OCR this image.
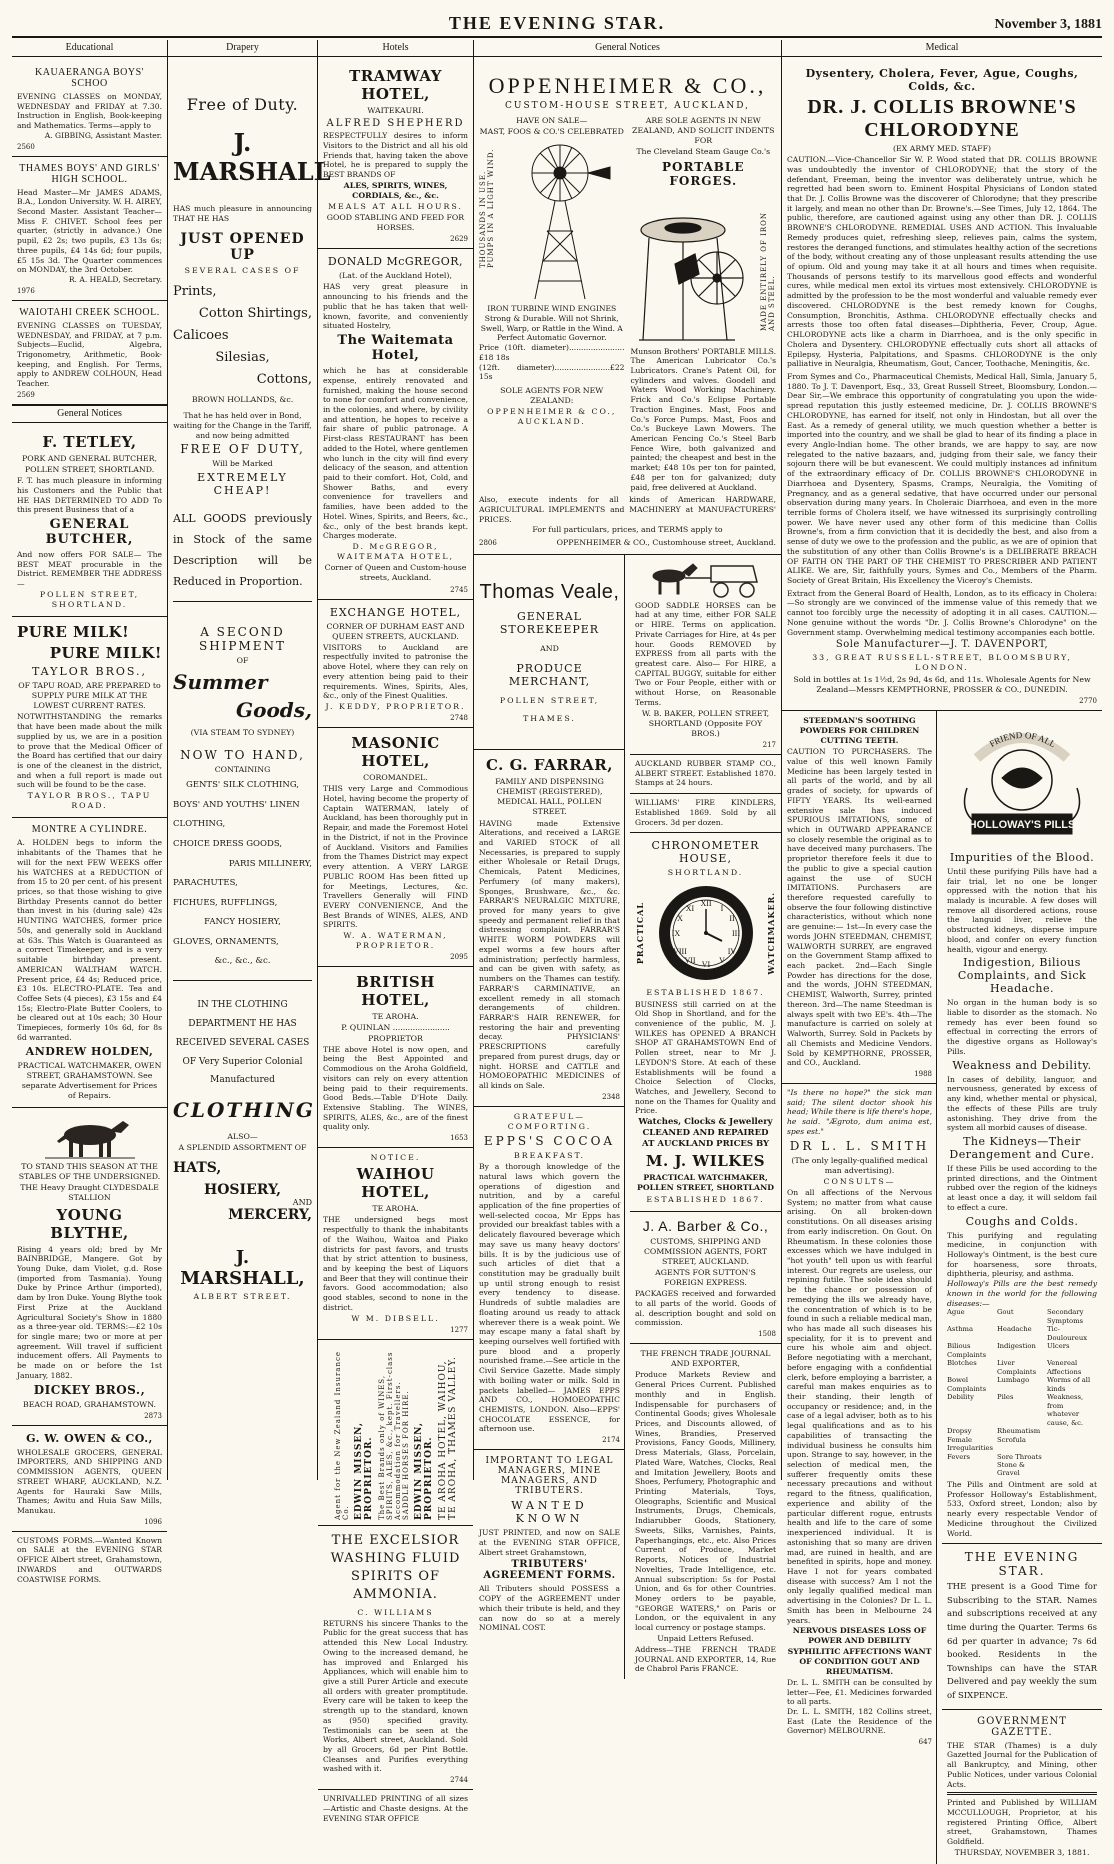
THE EVENING STAR.	November 3, 1881
Educational
KAUAERANGA BOYS' SCHOO

EVENING CLASSES on MONDAY, WEDNESDAY and FRIDAY at 7.30. Instruction in English, Book-keeping and Mathematics. Terms—apply to

A. GIBBING, Assistant Master.

2560
THAMES BOYS' AND GIRLS' HIGH SCHOOL.

Head Master—Mr JAMES ADAMS, B.A., London University. W. H. AIREY, Second Master. Assistant Teacher—Miss F. CHIVET. School fees per quarter, (strictly in advance.) One pupil, £2 2s; two pupils, £3 13s 6s; three pupils, £4 14s 6d; four pupils, £5 15s 3d. The Quarter commences on MONDAY, the 3rd October.

R. A. HEALD, Secretary.

1976
WAIOTAHI CREEK SCHOOL.

EVENING CLASSES on TUESDAY, WEDNESDAY, and FRIDAY, at 7 p.m. Subjects—Euclid, Algebra, Trigonometry, Arithmetic, Book-keeping, and English. For Terms, apply to ANDREW COLHOUN, Head Teacher.

2569
General Notices
F. TETLEY,
PORK AND GENERAL BUTCHER,
POLLEN STREET, SHORTLAND.

F. T. has much pleasure in informing his Customers and the Public that HE HAS DETERMINED TO ADD To this present Business that of a

GENERAL BUTCHER,

And now offers FOR SALE— The BEST MEAT procurable in the District. REMEMBER THE ADDRESS—

POLLEN STREET, SHORTLAND.
PURE MILK!
PURE MILK!
TAYLOR BROS.,
OF TAPU ROAD, ARE PREPARED to SUPPLY PURE MILK AT THE LOWEST CURRENT RATES.

NOTWITHSTANDING the remarks that have been made about the milk supplied by us, we are in a position to prove that the Medical Officer of the Board has certified that our dairy is one of the cleanest in the district, and when a full report is made out such will be found to be the case.

TAYLOR BROS., TAPU ROAD.
MONTRE A CYLINDRE.

A. HOLDEN begs to inform the inhabitants of the Thames that he will for the next FEW WEEKS offer his WATCHES at a REDUCTION of from 15 to 20 per cent. of his present prices, so that those wishing to give Birthday Presents cannot do better than invest in his (during sale) 42s HUNTING WATCHES, former price 50s, and generally sold in Auckland at 63s. This Watch is Guaranteed as a correct Timekeeper, and is a very suitable birthday present. AMERICAN WALTHAM WATCH. Present price, £4 4s; Reduced price, £3 10s. ELECTRO-PLATE. Tea and Coffee Sets (4 pieces), £3 15s and £4 15s; Electro-Plate Butter Coolers, to be cleared out at 10s each; 30 Hour Timepieces, formerly 10s 6d, for 8s 6d warranted.

ANDREW HOLDEN,
PRACTICAL WATCHMAKER, OWEN STREET, GRAHAMSTOWN. See separate Advertisement for Prices of Repairs.
TO STAND THIS SEASON AT THE STABLES OF THE UNDERSIGNED.
THE Heavy Draught CLYDESDALE STALLION
YOUNG BLYTHE,

Rising 4 years old; bred by Mr BAINBRIDGE, Mangere. Got by Young Duke, dam Violet, g.d. Rose (imported from Tasmania). Young Duke by Prince Arthur (imported), dam by Iron Duke. Young Blythe took First Prize at the Auckland Agricultural Society's Show in 1880 as a three-year old. TERMS:—£2 10s for single mare; two or more at per agreement. Will travel if sufficient inducement offers. All Payments to be made on or before the 1st January, 1882.

DICKEY BROS.,
BEACH ROAD, GRAHAMSTOWN.
2873
G. W. OWEN & CO.,

WHOLESALE GROCERS, GENERAL IMPORTERS, AND SHIPPING AND COMMISSION AGENTS, QUEEN STREET WHARF, AUCKLAND, N.Z. Agents for Hauraki Saw Mills, Thames; Awitu and Huia Saw Mills, Manukau.

1096

CUSTOMS FORMS.—Wanted Known on SALE at the EVENING STAR OFFICE Albert street, Grahamstown, INWARDS and OUTWARDS COASTWISE FORMS.

Drapery
Free of Duty.
J. MARSHALL

HAS much pleasure in announcing THAT HE HAS

JUST OPENED UP
SEVERAL CASES OF
Prints,
Cotton Shirtings,
Calicoes
Silesias,
Cottons,
BROWN HOLLANDS, &c.

That he has held over in Bond, waiting for the Change in the Tariff, and now being admitted

FREE OF DUTY,
Will be Marked
EXTREMELY CHEAP!

ALL GOODS previously in Stock of the same Description will be Reduced in Proportion.

A SECOND SHIPMENT
OF
Summer
Goods,
(VIA STEAM TO SYDNEY)
NOW TO HAND,
CONTAINING
GENTS' SILK CLOTHING,
BOYS' AND YOUTHS' LINEN CLOTHING,
CHOICE DRESS GOODS,
PARIS MILLINERY,
PARACHUTES,
FICHUES, RUFFLINGS,
FANCY HOSIERY,
GLOVES, ORNAMENTS,
&c., &c., &c.

IN THE CLOTHING DEPARTMENT HE HAS RECEIVED SEVERAL CASES OF Very Superior Colonial Manufactured

CLOTHING
ALSO—
A SPLENDID ASSORTMENT OF
HATS,
HOSIERY,
AND
MERCERY,
J. MARSHALL,
ALBERT STREET.
Hotels
TRAMWAY HOTEL,
WAITEKAURI.
ALFRED SHEPHERD

RESPECTFULLY desires to inform Visitors to the District and all his old Friends that, having taken the above Hotel, he is prepared to supply the BEST BRANDS OF

ALES, SPIRITS, WINES, CORDIALS, &c., &c.
MEALS AT ALL HOURS.
GOOD STABLING AND FEED FOR HORSES.
2629
DONALD McGREGOR,
(Lat. of the Auckland Hotel),

HAS very great pleasure in announcing to his friends and the public that he has taken that well-known, favorite, and conveniently situated Hostelry,

The Waitemata Hotel,

which he has at considerable expense, entirely renovated and furnished, making the house second to none for comfort and convenience, in the colonies, and where, by civility and attention, he hopes to receive a fair share of public patronage. A First-class RESTAURANT has been added to the Hotel, where gentlemen who lunch in the city will find every delicacy of the season, and attention paid to their comfort. Hot, Cold, and Shower Baths, and every convenience for travellers and families, have been added to the Hotel. Wines, Spirits, and Beers, &c., &c., only of the best brands kept. Charges moderate.

D. McGREGOR, WAITEMATA HOTEL,
Corner of Queen and Custom-house streets, Auckland.
2745
EXCHANGE HOTEL,
CORNER OF DURHAM EAST AND QUEEN STREETS, AUCKLAND.

VISITORS to Auckland are respectfully invited to patronise the above Hotel, where they can rely on every attention being paid to their requirements. Wines, Spirits, Ales, &c., only of the Finest Qualities.

J. KEDDY, PROPRIETOR.
2748
MASONIC HOTEL,
COROMANDEL.

THIS very Large and Commodious Hotel, having become the property of Captain WATERMAN, lately of Auckland, has been thoroughly put in Repair, and made the Foremost Hotel in the District, if not in the Province of Auckland. Visitors and Families from the Thames District may expect every attention. A VERY LARGE PUBLIC ROOM Has been fitted up for Meetings, Lectures, &c. Travellers Generally will FIND EVERY CONVENIENCE, And the Best Brands of WINES, ALES, AND SPIRITS.

W. A. WATERMAN, PROPRIETOR.
2095
BRITISH HOTEL,
TE AROHA.
P. QUINLAN ....................... PROPRIETOR

THE above Hotel is now open, and being the Best Appointed and Commodious on the Aroha Goldfield, visitors can rely on every attention being paid to their requirements. Good Beds.—Table D'Hote Daily. Extensive Stabling. The WINES, SPIRITS, ALES, &c., are of the finest quality only.

1653
NOTICE.
WAIHOU HOTEL,
TE AROHA.

THE undersigned begs most respectfully to thank the inhabitants of the Waihou, Waitoa and Piako districts for past favors, and trusts that by strict attention to business, and by keeping the best of Liquors and Beer that they will continue their favors. Good accommodation; also good stables, second to none in the district.

W M. DIBSELL.
1277
Agent for the New Zealand Insurance Co. EDWIN MISSEN, PROPRIETOR. The Best Brands only of WINES, SPIRITS, ALES, &c., kept. First-class Accommodation for Travellers. SADDLE HORSES FOR HIRE. EDWIN MISSEN, PROPRIETOR. TE AROHA HOTEL, WAIHOU, TE AROHA, THAMES VALLEY.
THE EXCELSIOR WASHING FLUID SPIRITS OF AMMONIA.
C. WILLIAMS

RETURNS his sincere Thanks to the Public for the great success that has attended this New Local Industry. Owing to the increased demand, he has improved and Enlarged his Appliances, which will enable him to give a still Purer Article and execute all orders with greater promptitude. Every care will be taken to keep the strength up to the standard, known as (950) specified gravity. Testimonials can be seen at the Works, Albert street, Auckland. Sold by all Grocers, 6d per Pint Bottle. Cleanses and Purifies everything washed with it.

2744

UNRIVALLED PRINTING of all sizes —Artistic and Chaste designs. At the EVENING STAR OFFICE

General Notices
OPPENHEIMER & CO.,
CUSTOM-HOUSE STREET, AUCKLAND,
HAVE ON SALE—
MAST, FOOS & CO.'S CELEBRATED
THOUSANDS IN USE. PUMPS IN A LIGHT WIND.

IRON TURBINE WIND ENGINES Strong & Durable. Will not Shrink, Swell, Warp, or Rattle in the Wind. A Perfect Automatic Governor.

Price (10ft. diameter).......................£18 18s
(12ft. diameter).......................£22 15s
SOLE AGENTS FOR NEW ZEALAND:
OPPENHEIMER & CO., AUCKLAND.
ARE SOLE AGENTS IN NEW ZEALAND, AND SOLICIT INDENTS FOR
The Cleveland Steam Gauge Co.'s
PORTABLE FORGES.
MADE ENTIRELY OF IRON AND STEEL.

Munson Brothers' PORTABLE MILLS. The American Lubricator Co.'s Lubricators. Crane's Patent Oil, for cylinders and valves. Goodell and Waters Wood Working Machinery. Frick and Co.'s Eclipse Portable Traction Engines. Mast, Foos and Co.'s Force Pumps. Mast, Foos and Co.'s Buckeye Lawn Mowers. The American Fencing Co.'s Steel Barb Fence Wire, both galvanized and painted; the cheapest and best in the market; £48 10s per ton for painted, £48 per ton for galvanized; duty paid, free delivered at Auckland.

Also, execute indents for all kinds of American HARDWARE, AGRICULTURAL IMPLEMENTS and MACHINERY at MANUFACTURERS' PRICES.

For full particulars, prices, and TERMS apply to
2806	OPPENHEIMER & CO., Customhouse street, Auckland.
Thomas Veale,
GENERAL STOREKEEPER
AND
PRODUCE MERCHANT,
POLLEN STREET,
THAMES.
C. G. FARRAR,
FAMILY AND DISPENSING CHEMIST (REGISTERED), MEDICAL HALL, POLLEN STREET.

HAVING made Extensive Alterations, and received a LARGE and VARIED STOCK of all Necessaries, is prepared to supply either Wholesale or Retail Drugs, Chemicals, Patent Medicines, Perfumery (of many makers), Sponges, Brushware, &c., &c. FARRAR'S NEURALGIC MIXTURE, proved for many years to give speedy and permanent relief in that distressing complaint. FARRAR'S WHITE WORM POWDERS will expel worms a few hours after administration; perfectly harmless, and can be given with safety, as numbers on the Thames can testify. FARRAR'S CARMINATIVE, an excellent remedy in all stomach derangements of children. FARRAR'S HAIR RENEWER, for restoring the hair and preventing decay. PHYSICIANS' PRESCRIPTIONS carefully prepared from purest drugs, day or night. HORSE and CATTLE and HOMOEOPATHIC MEDICINES of all kinds on Sale.

2348
GRATEFUL—COMFORTING.
EPPS'S COCOA
BREAKFAST.

By a thorough knowledge of the natural laws which govern the operations of digestion and nutrition, and by a careful application of the fine properties of well-selected cocoa, Mr Epps has provided our breakfast tables with a delicately flavoured beverage which may save us many heavy doctors' bills. It is by the judicious use of such articles of diet that a constitution may be gradually built up until strong enough to resist every tendency to disease. Hundreds of subtle maladies are floating around us ready to attack wherever there is a weak point. We may escape many a fatal shaft by keeping ourselves well fortified with pure blood and a properly nourished frame.—See article in the Civil Service Gazette. Made simply with boiling water or milk. Sold in packets labelled— JAMES EPPS AND CO., HOMOEOPATHIC CHEMISTS, LONDON. Also—EPPS' CHOCOLATE ESSENCE, for afternoon use.

2174
IMPORTANT TO LEGAL MANAGERS, MINE MANAGERS, AND TRIBUTERS.
WANTED KNOWN

JUST PRINTED, and now on SALE at the EVENING STAR OFFICE, Albert street Grahamstown,

TRIBUTERS' AGREEMENT FORMS.

All Tributers should POSSESS a COPY of the AGREEMENT under which their tribute is held, and they can now do so at a merely NOMINAL COST.

GOOD SADDLE HORSES can be had at any time, either FOR SALE or HIRE. Terms on application. Private Carriages for Hire, at 4s per hour. Goods REMOVED by EXPRESS from all parts with the greatest care. Also— For HIRE, a CAPITAL BUGGY, suitable for either Two or Four People, either with or without Horse, on Reasonable Terms.

W. B. BAKER, POLLEN STREET, SHORTLAND (Opposite FOY BROS.)
217

AUCKLAND RUBBER STAMP CO., ALBERT STREET. Established 1870. Stamps at 24 hours.

WILLIAMS' FIRE KINDLERS, Established 1869. Sold by all Grocers. 3d per dozen.

CHRONOMETER HOUSE,
SHORTLAND.
PRACTICAL	XII
VI
IX	III
I
II
IV
V
VII
VIII
X
XI	WATCHMAKER.
ESTABLISHED 1867.

BUSINESS still carried on at the Old Shop in Shortland, and for the convenience of the public, M. J. WILKES has OPENED A BRANCH SHOP AT GRAHAMSTOWN End of Pollen street, near to Mr J. LEYDON'S Store. At each of these Establishments will be found a Choice Selection of Clocks, Watches, and Jewellery, Second to none on the Thames for Quality and Price.

Watches, Clocks & Jewellery CLEANED AND REPAIRED AT AUCKLAND PRICES BY
M. J. WILKES
PRACTICAL WATCHMAKER, POLLEN STREET, SHORTLAND
ESTABLISHED 1867.
J. A. Barber & Co.,
CUSTOMS, SHIPPING AND COMMISSION AGENTS, FORT STREET, AUCKLAND.
AGENTS FOR SUTTON'S FOREIGN EXPRESS.

PACKAGES received and forwarded to all parts of the world. Goods of al. description bought and sold on commission.

1508
THE FRENCH TRADE JOURNAL AND EXPORTER,

Produce Markets Review and General Prices Current. Published monthly and in English. Indispensable for purchasers of Continental Goods; gives Wholesale Prices, and Discounts allowed, of Wines, Brandies, Preserved Provisions, Fancy Goods, Millinery, Dress Materials, Glass, Porcelain, Plated Ware, Watches, Clocks, Real and Imitation Jewellery, Boots and Shoes, Perfumery, Photographic and Printing Materials, Toys, Oleographs, Scientific and Musical Instruments, Drugs, Chemicals, Indiarubber Goods, Stationery, Sweets, Silks, Varnishes, Paints, Paperhangings, etc., etc. Also Prices Current of Produce, Market Reports, Notices of Industrial Novelties, Trade Intelligence, etc. Annual subscription: 5s for Postal Union, and 6s for other Countries. Money orders to be payable, "GEORGE WATERS," on Paris or London, or the equivalent in any local currency or postage stamps.

Unpaid Letters Refused.

Address—THE FRENCH TRADE JOURNAL AND EXPORTER, 14, Rue de Chabrol Paris FRANCE.

Medical
Dysentery, Cholera, Fever, Ague, Coughs, Colds, &c.
DR. J. COLLIS BROWNE'S CHLORODYNE
(EX ARMY MED. STAFF)

CAUTION.—Vice-Chancellor Sir W. P. Wood stated that DR. COLLIS BROWNE was undoubtedly the inventor of CHLORODYNE; that the story of the defendant, Freeman, being the inventor was deliberately untrue, which he regretted had been sworn to. Eminent Hospital Physicians of London stated that Dr. J. Collis Browne was the discoverer of Chlorodyne; that they prescribe it largely, and mean no other than Dr. Browne's.—See Times, July 12, 1864. The public, therefore, are cautioned against using any other than DR. J. COLLIS BROWNE'S CHLORODYNE. REMEDIAL USES AND ACTION. This Invaluable Remedy produces quiet, refreshing sleep, relieves pain, calms the system, restores the deranged functions, and stimulates healthy action of the secretions of the body, without creating any of those unpleasant results attending the use of opium. Old and young may take it at all hours and times when requisite. Thousands of persons testify to its marvellous good effects and wonderful cures, while medical men extol its virtues most extensively. CHLORODYNE is admitted by the profession to be the most wonderful and valuable remedy ever discovered. CHLORODYNE is the best remedy known for Coughs, Consumption, Bronchitis, Asthma. CHLORODYNE effectually checks and arrests those too often fatal diseases—Diphtheria, Fever, Croup, Ague. CHLORODYNE acts like a charm in Diarrhoea, and is the only specific in Cholera and Dysentery. CHLORODYNE effectually cuts short all attacks of Epilepsy, Hysteria, Palpitations, and Spasms. CHLORODYNE is the only palliative in Neuralgia, Rheumatism, Gout, Cancer, Toothache, Meningitis, &c.

From Symes and Co., Pharmaceutical Chemists, Medical Hall, Simla, January 5, 1880. To J. T. Davenport, Esq., 33, Great Russell Street, Bloomsbury, London.—Dear Sir,—We embrace this opportunity of congratulating you upon the wide-spread reputation this justly esteemed medicine, Dr. J. COLLIS BROWNE'S CHLORODYNE, has earned for itself, not only in Hindostan, but all over the East. As a remedy of general utility, we much question whether a better is imported into the country, and we shall be glad to hear of its finding a place in every Anglo-Indian home. The other brands, we are happy to say, are now relegated to the native bazaars, and, judging from their sale, we fancy their sojourn there will be but evanescent. We could multiply instances ad infinitum of the extraordinary efficacy of Dr. COLLIS BROWNE'S CHLORODYNE in Diarrhoea and Dysentery, Spasms, Cramps, Neuralgia, the Vomiting of Pregnancy, and as a general sedative, that have occurred under our personal observation during many years. In Choleraic Diarrhoea, and even in the more terrible forms of Cholera itself, we have witnessed its surprisingly controlling power. We have never used any other form of this medicine than Collis Browne's, from a firm conviction that it is decidedly the best, and also from a sense of duty we owe to the profession and the public, as we are of opinion that the substitution of any other than Collis Browne's is a DELIBERATE BREACH OF FAITH ON THE PART OF THE CHEMIST TO PRESCRIBER AND PATIENT ALIKE. We are, Sir, faithfully yours, Symes and Co., Members of the Pharm. Society of Great Britain, His Excellency the Viceroy's Chemists.

Extract from the General Board of Health, London, as to its efficacy in Cholera:—So strongly are we convinced of the immense value of this remedy that we cannot too forcibly urge the necessity of adopting it in all cases. CAUTION.—None genuine without the words "Dr. J. Collis Browne's Chlorodyne" on the Government stamp. Overwhelming medical testimony accompanies each bottle.

Sole Manufacturer—J. T. DAVENPORT,
33, GREAT RUSSELL-STREET, BLOOMSBURY, LONDON.
Sold in bottles at 1s 1½d, 2s 9d, 4s 6d, and 11s. Wholesale Agents for New Zealand—Messrs KEMPTHORNE, PROSSER & CO., DUNEDIN.
2770
STEEDMAN'S SOOTHING POWDERS FOR CHILDREN CUTTING TEETH.

CAUTION TO PURCHASERS. The value of this well known Family Medicine has been largely tested in all parts of the world, and by all grades of society, for upwards of FIFTY YEARS. Its well-earned extensive sale has induced SPURIOUS IMITATIONS, some of which in OUTWARD APPEARANCE so closely resemble the original as to have deceived many purchasers. The proprietor therefore feels it due to the public to give a special caution against the use of SUCH IMITATIONS. Purchasers are therefore requested carefully to observe the four following distinctive characteristics, without which none are genuine:— 1st—In every case the words JOHN STEEDMAN, CHEMIST, WALWORTH SURREY, are engraved on the Government Stamp affixed to each packet. 2nd—Each Single Powder has directions for the dose, and the words, JOHN STEEDMAN, CHEMIST, Walworth, Surrey, printed thereon. 3rd—The name Steedman is always spelt with two EE's. 4th—The manufacture is carried on solely at Walworth, Surrey. Sold in Packets by all Chemists and Medicine Vendors. Sold by KEMPTHORNE, PROSSER, and CO., Auckland.

1988

"Is there no hope?" the sick man said; The silent doctor shook his head; While there is life there's hope, he said. "Ægroto, dum anima est, spes est."

DR L. L. SMITH
(The only legally-qualified medical man advertising).
CONSULTS—

On all affections of the Nervous System; no matter from what cause arising. On all broken-down constitutions. On all diseases arising from early indiscretion. On Gout. On Rheumatism. In these colonies those excesses which we have indulged in "hot youth" tell upon us with fearful interest. Our regrets are useless, our repining futile. The sole idea should be the chance or possession of remedying the ills we already have, the concentration of which is to be found in such a reliable medical man, who has made all such diseases his speciality, for it is to prevent and cure his whole aim and object. Before negotiating with a merchant, before engaging with a confidential clerk, before employing a barrister, a careful man makes enquiries as to their standing, their length of occupancy or residence; and, in the case of a legal adviser, both as to his legal qualifications and as to his capabilities of transacting the individual business he consults him upon. Strange to say, however, in the selection of medical men, the sufferer frequently omits these necessary precautions and without regard to the fitness, qualification, experience and ability of the particular different rogue, entrusts health and life to the care of some inexperienced individual. It is astonishing that so many are driven mad, are ruined in health, and are benefited in spirits, hope and money. Have I not for years combated disease with success? Am I not the only legally qualified medical man advertising in the Colonies? Dr L. L. Smith has been in Melbourne 24 years.

NERVOUS DISEASES LOSS OF POWER AND DEBILITY SYPHILITIC AFFECTIONS WANT OF CONDITION GOUT AND RHEUMATISM.

Dr. L. L. SMITH can be consulted by letter—Fee, £1. Medicines forwarded to all parts.

Dr. L. L. SMITH, 182 Collins street, East (Late the Residence of the Governor) MELBOURNE.

647
FRIEND OF ALL
HOLLOWAY'S PILLS
Impurities of the Blood.

Until these purifying Pills have had a fair trial, let no one be longer oppressed with the notion that his malady is incurable. A few doses will remove all disordered actions, rouse the languid liver, relieve the obstructed kidneys, disperse impure blood, and confer on every function health, vigour and energy.

Indigestion, Bilious Complaints, and Sick Headache.

No organ in the human body is so liable to disorder as the stomach. No remedy has ever been found so effectual in correcting the errors of the digestive organs as Holloway's Pills.

Weakness and Debility.

In cases of debility, languor, and nervousness, generated by excess of any kind, whether mental or physical, the effects of these Pills are truly astonishing. They drive from the system all morbid causes of disease.

The Kidneys—Their Derangement and Cure.

If these Pills be used according to the printed directions, and the Ointment rubbed over the region of the kidneys at least once a day, it will seldom fail to effect a cure.

Coughs and Colds.

This purifying and regulating medicine, in conjunction with Holloway's Ointment, is the best cure for hoarseness, sore throats, diphtheria, pleurisy, and asthma.

Holloway's Pills are the best remedy known in the world for the following diseases:—

Ague	Gout	Secondary Symptoms
Asthma	Headache	Tic-Douloureux
Bilious Complaints
Indigestion	Ulcers
Blotches	Liver Complaints
Venereal Affections
Bowel Complaints
Lumbago	Worms of all kinds
Debility	Piles	Weakness, from whatever cause, &c.
Dropsy	Rheumatism
Female Irregularities
Scrofula
Fevers	Sore Throats
Stone & Gravel

The Pills and Ointment are sold at Professor Holloway's Establishment, 533, Oxford street, London; also by nearly every respectable Vendor of Medicine throughout the Civilized World.

THE EVENING STAR.

THE present is a Good Time for Subscribing to the STAR. Names and subscriptions received at any time during the Quarter. Terms 6s 6d per quarter in advance; 7s 6d booked. Residents in the Townships can have the STAR Delivered and pay weekly the sum of SIXPENCE.

GOVERNMENT GAZETTE.

THE STAR (Thames) is a duly Gazetted Journal for the Publication of all Bankruptcy, and Mining, other Public Notices, under various Colonial Acts.

Printed and Published by WILLIAM MCCULLOUGH, Proprietor, at his registered Printing Office, Albert street, Grahamstown, Thames Goldfield.

THURSDAY, NOVEMBER 3, 1881.
